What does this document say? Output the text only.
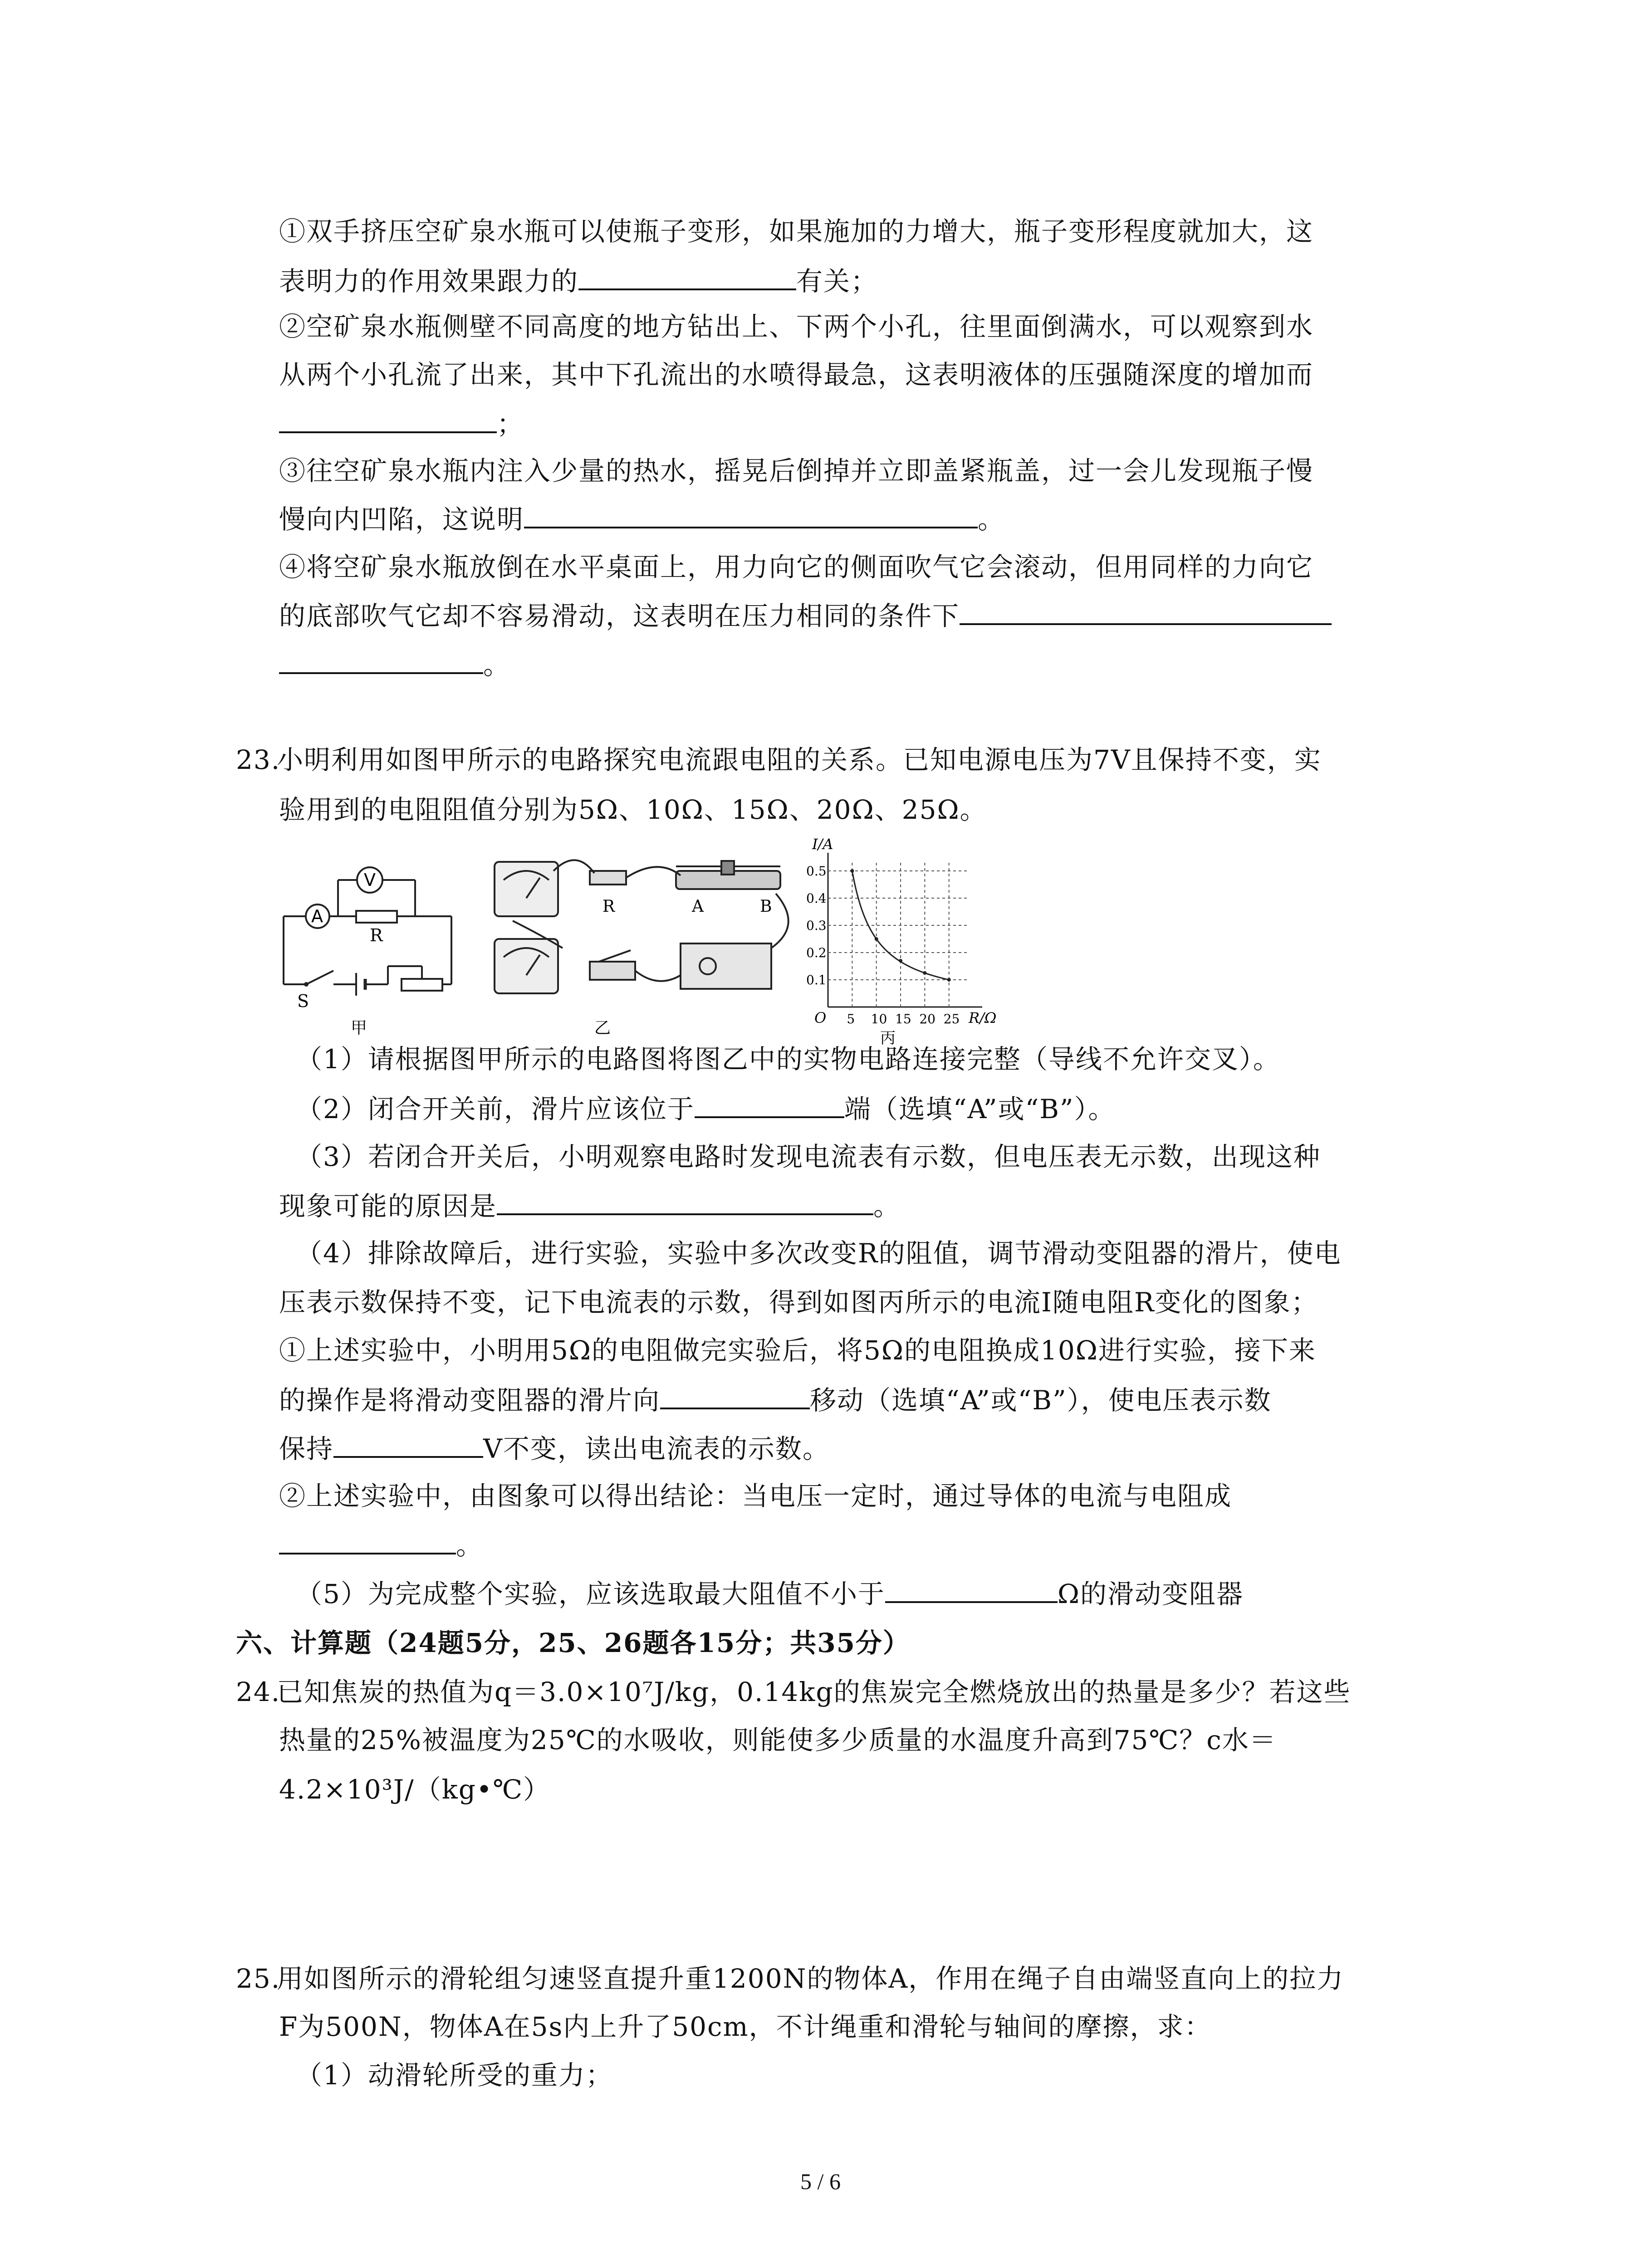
①双手挤压空矿泉水瓶可以使瓶子变形，如果施加的力增大，瓶子变形程度就加大，这
表明力的作用效果跟力的	有关；
②空矿泉水瓶侧壁不同高度的地方钻出上、下两个小孔，往里面倒满水，可以观察到水
从两个小孔流了出来，其中下孔流出的水喷得最急，这表明液体的压强随深度的增加而
；
③往空矿泉水瓶内注入少量的热水，摇晃后倒掉并立即盖紧瓶盖，过一会儿发现瓶子慢
慢向内凹陷，这说明	。
④将空矿泉水瓶放倒在水平桌面上，用力向它的侧面吹气它会滚动，但用同样的力向它
的底部吹气它却不容易滑动，这表明在压力相同的条件下
。
23.小明利用如图甲所示的电路探究电流跟电阻的关系。已知电源电压为7V且保持不变，实
验用到的电阻阻值分别为5Ω、10Ω、15Ω、20Ω、25Ω。
A
V
R
S
甲
R	A	B
乙
0.1
0.2
0.3
0.4
0.5
5 10 15 20 25
I/A
R/Ω
O
丙
（1）请根据图甲所示的电路图将图乙中的实物电路连接完整（导线不允许交叉）。
（2）闭合开关前，滑片应该位于	端（选填“A”或“B”）。
（3）若闭合开关后，小明观察电路时发现电流表有示数，但电压表无示数，出现这种
现象可能的原因是	。
（4）排除故障后，进行实验，实验中多次改变R的阻值，调节滑动变阻器的滑片，使电
压表示数保持不变，记下电流表的示数，得到如图丙所示的电流I随电阻R变化的图象；
①上述实验中，小明用5Ω的电阻做完实验后，将5Ω的电阻换成10Ω进行实验，接下来
的操作是将滑动变阻器的滑片向	移动（选填“A”或“B”），使电压表示数
保持	V不变，读出电流表的示数。
②上述实验中，由图象可以得出结论：当电压一定时，通过导体的电流与电阻成
。
（5）为完成整个实验，应该选取最大阻值不小于	Ω的滑动变阻器
六、计算题（24题5分，25、26题各15分；共35分）
24.已知焦炭的热值为q＝3.0×10⁷J/kg，0.14kg的焦炭完全燃烧放出的热量是多少？若这些
热量的25%被温度为25℃的水吸收，则能使多少质量的水温度升高到75℃？c水＝
4.2×10³J/（kg•℃）
25.用如图所示的滑轮组匀速竖直提升重1200N的物体A，作用在绳子自由端竖直向上的拉力
F为500N，物体A在5s内上升了50cm，不计绳重和滑轮与轴间的摩擦，求：
（1）动滑轮所受的重力；
5 / 6
